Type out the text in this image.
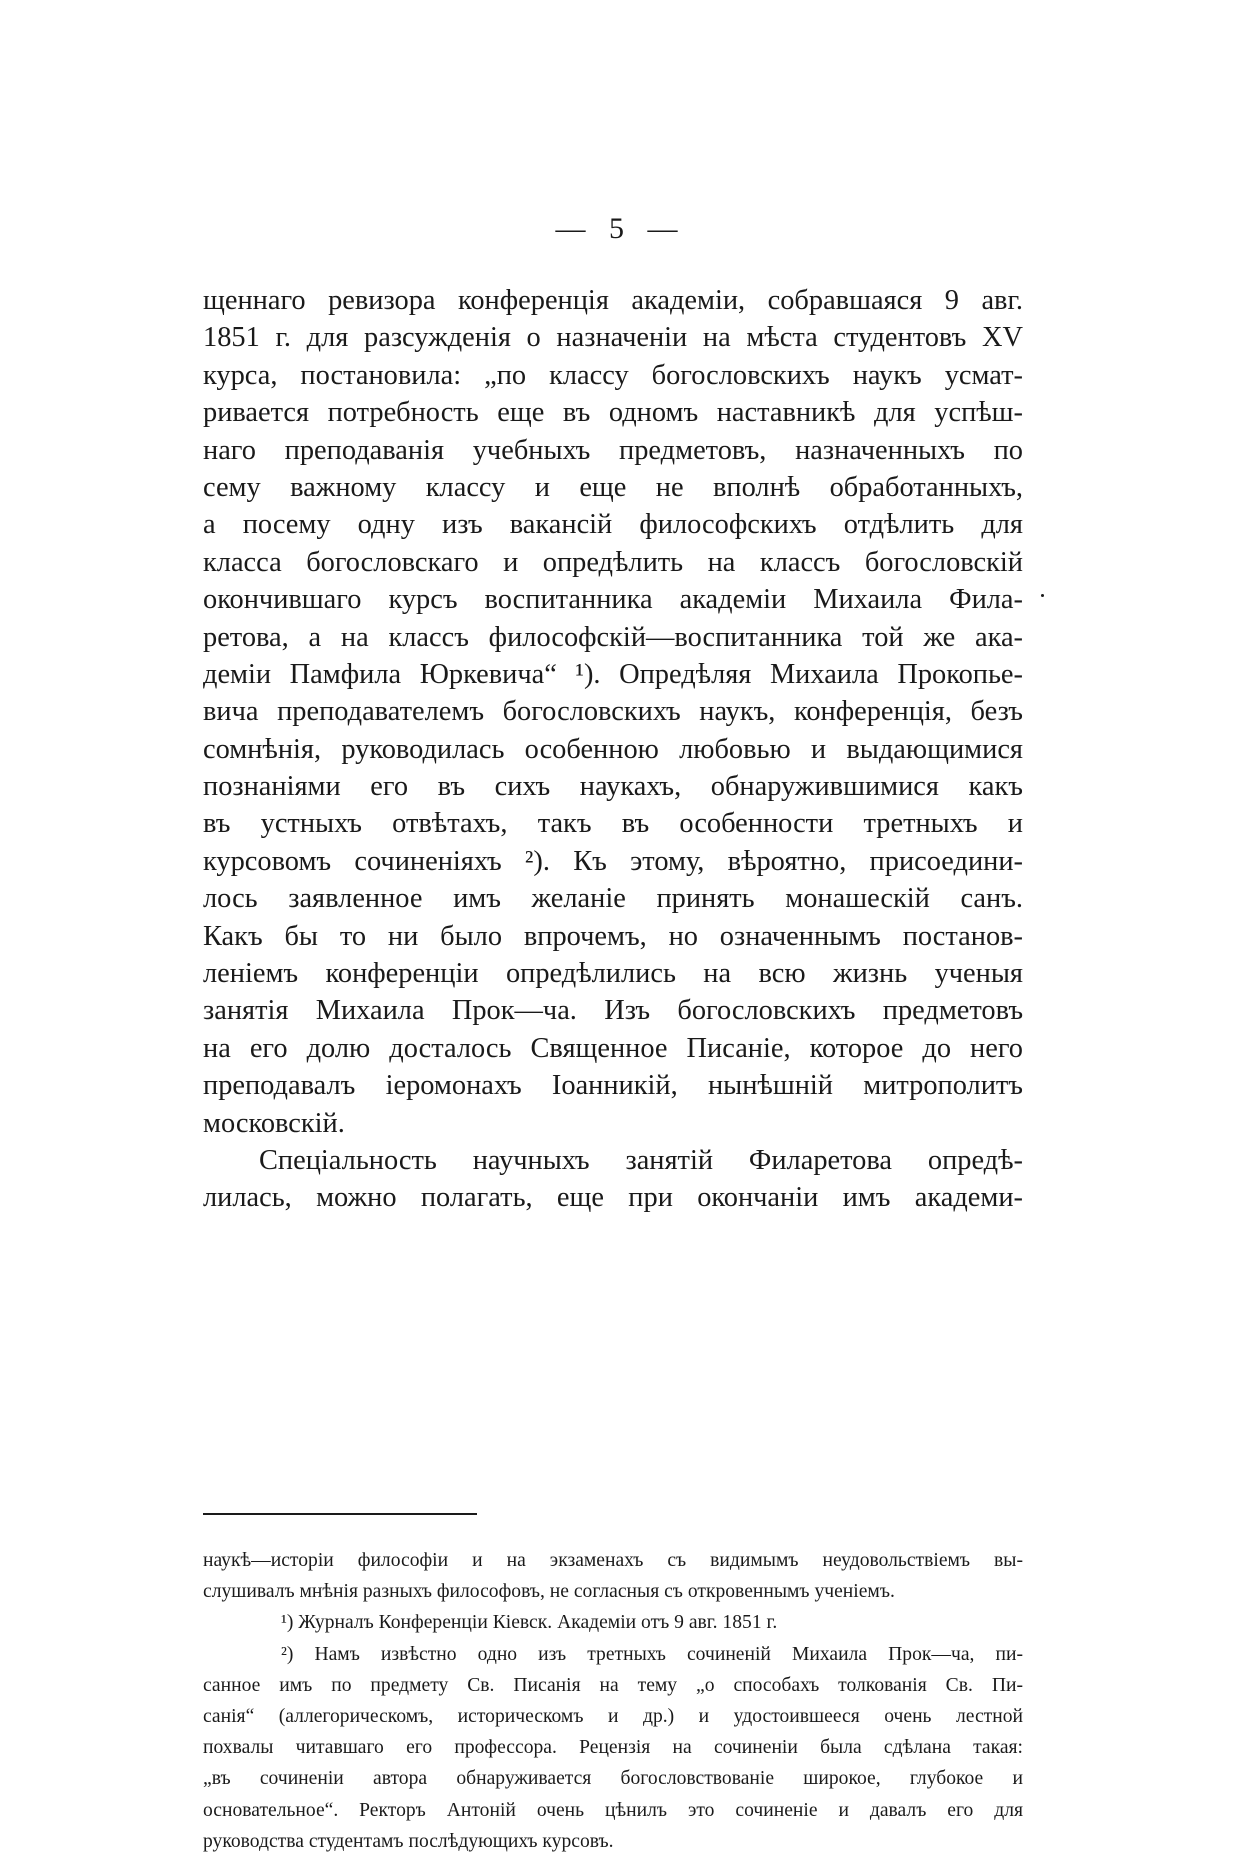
— 5 —
щеннаго ревизора конференція академіи, собравшаяся 9 авг.
1851 г. для разсужденія о назначеніи на мѣста студентовъ XV
курса, постановила: „по классу богословскихъ наукъ усмат-
ривается потребность еще въ одномъ наставникѣ для успѣш-
наго преподаванія учебныхъ предметовъ, назначенныхъ по
сему важному классу и еще не вполнѣ обработанныхъ,
а посему одну изъ вакансій философскихъ отдѣлить для
класса богословскаго и опредѣлить на классъ богословскій
окончившаго курсъ воспитанника академіи Михаила Фила-
ретова, а на классъ философскій—воспитанника той же ака-
деміи Памфила Юркевича“ ¹). Опредѣляя Михаила Прокопье-
вича преподавателемъ богословскихъ наукъ, конференція, безъ
сомнѣнія, руководилась особенною любовью и выдающимися
познаніями его въ сихъ наукахъ, обнаружившимися какъ
въ устныхъ отвѣтахъ, такъ въ особенности третныхъ и
курсовомъ сочиненіяхъ ²). Къ этому, вѣроятно, присоедини-
лось заявленное имъ желаніе принять монашескій санъ.
Какъ бы то ни было впрочемъ, но означеннымъ постанов-
леніемъ конференціи опредѣлились на всю жизнь ученыя
занятія Михаила Прок—ча. Изъ богословскихъ предметовъ
на его долю досталось Священное Писаніе, которое до него
преподавалъ іеромонахъ Іоанникій, нынѣшній митрополитъ
московскій.
Спеціальность научныхъ занятій Филаретова опредѣ-
лилась, можно полагать, еще при окончаніи имъ академи-
наукѣ—исторіи философіи и на экзаменахъ съ видимымъ неудовольствіемъ вы-
слушивалъ мнѣнія разныхъ философовъ, не согласныя съ откровеннымъ ученіемъ.
¹) Журналъ Конференціи Кіевск. Академіи отъ 9 авг. 1851 г.
²) Намъ извѣстно одно изъ третныхъ сочиненій Михаила Прок—ча, пи-
санное имъ по предмету Св. Писанія на тему „о способахъ толкованія Св. Пи-
санія“ (аллегорическомъ, историческомъ и др.) и удостоившееся очень лестной
похвалы читавшаго его профессора. Рецензія на сочиненіи была сдѣлана такая:
„въ сочиненіи автора обнаруживается богословствованіе широкое, глубокое и
основательное“. Ректоръ Антоній очень цѣнилъ это сочиненіе и давалъ его для
руководства студентамъ послѣдующихъ курсовъ.
